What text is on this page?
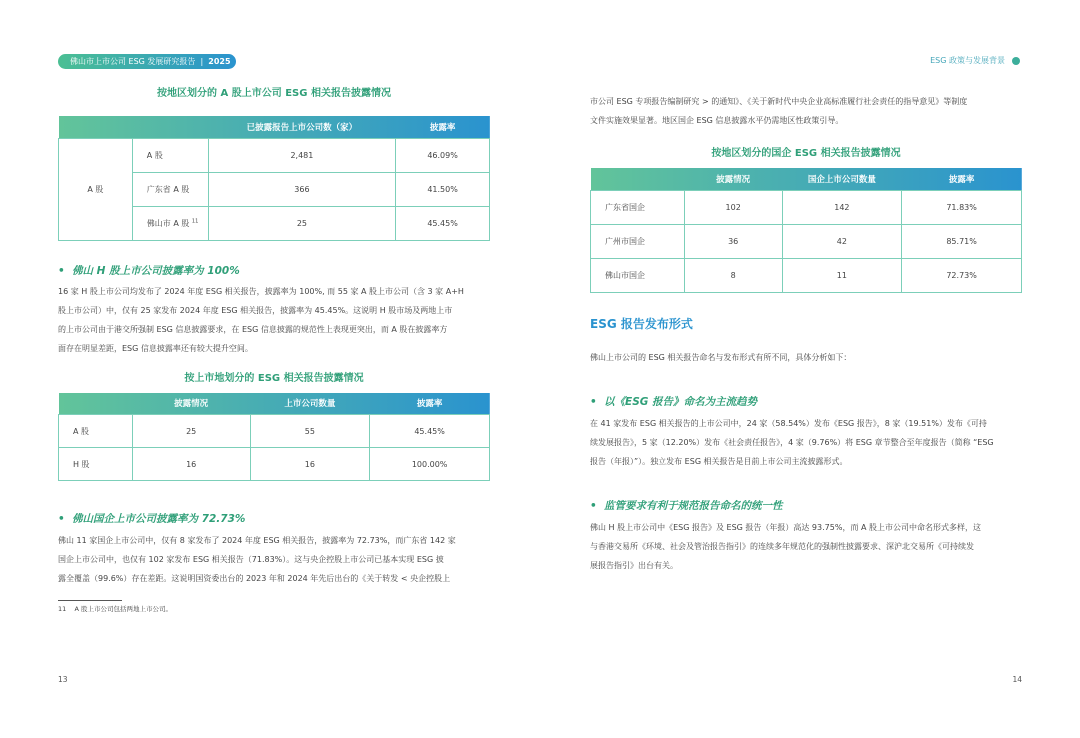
佛山市上市公司 ESG 发展研究报告  |  2025	ESG 政策与发展背景
按地区划分的 A 股上市公司 ESG 相关报告披露情况
		已披露报告上市公司数（家）	披露率
A 股	A 股	2,481	46.09%
	广东省 A 股	366	41.50%
	佛山市 A 股 $^{11}$	25	45.45%
•  佛山 H 股上市公司披露率为 100%
16 家 H 股上市公司均发布了 2024 年度 ESG 相关报告，披露率为 100%, 而 55 家 A 股上市公司（含 3 家 A+H
股上市公司）中，仅有 25 家发布 2024 年度 ESG 相关报告，披露率为 45.45%。这说明 H 股市场及两地上市
的上市公司由于港交所强制 ESG 信息披露要求，在 ESG 信息披露的规范性上表现更突出，而 A 股在披露率方
面存在明显差距，ESG 信息披露率还有较大提升空间。
按上市地划分的 ESG 相关报告披露情况
	披露情况	上市公司数量	披露率
A 股	25	55	45.45%
H 股	16	16	100.00%
•  佛山国企上市公司披露率为 72.73%
佛山 11 家国企上市公司中，仅有 8 家发布了 2024 年度 ESG 相关报告，披露率为 72.73%，而广东省 142 家
国企上市公司中，也仅有 102 家发布 ESG 相关报告（71.83%）。这与央企控股上市公司已基本实现 ESG 披
露全覆盖（99.6%）存在差距。这说明国资委出台的 2023 年和 2024 年先后出台的《关于转发 < 央企控股上
11 A 股上市公司包括两地上市公司。
市公司 ESG 专项报告编制研究 > 的通知》、《关于新时代中央企业高标准履行社会责任的指导意见》等制度
文件实施效果显著。地区国企 ESG 信息披露水平仍需地区性政策引导。
按地区划分的国企 ESG 相关报告披露情况
	披露情况	国企上市公司数量	披露率
广东省国企	102	142	71.83%
广州市国企	36	42	85.71%
佛山市国企	8	11	72.73%
ESG 报告发布形式
佛山上市公司的 ESG 相关报告命名与发布形式有所不同，具体分析如下：
•  以《ESG 报告》命名为主流趋势
在 41 家发布 ESG 相关报告的上市公司中，24 家（58.54%）发布《ESG 报告》，8 家（19.51%）发布《可持
续发展报告》，5 家（12.20%）发布《社会责任报告》，4 家（9.76%）将 ESG 章节整合至年度报告（简称 “ESG
报告（年报）”）。独立发布 ESG 相关报告是目前上市公司主流披露形式。
•  监管要求有利于规范报告命名的统一性
佛山 H 股上市公司中《ESG 报告》及 ESG 报告（年报）高达 93.75%，而 A 股上市公司中命名形式多样，这
与香港交易所《环境、社会及管治报告指引》的连续多年规范化的强制性披露要求、深沪北交易所《可持续发
展报告指引》出台有关。
13	14
